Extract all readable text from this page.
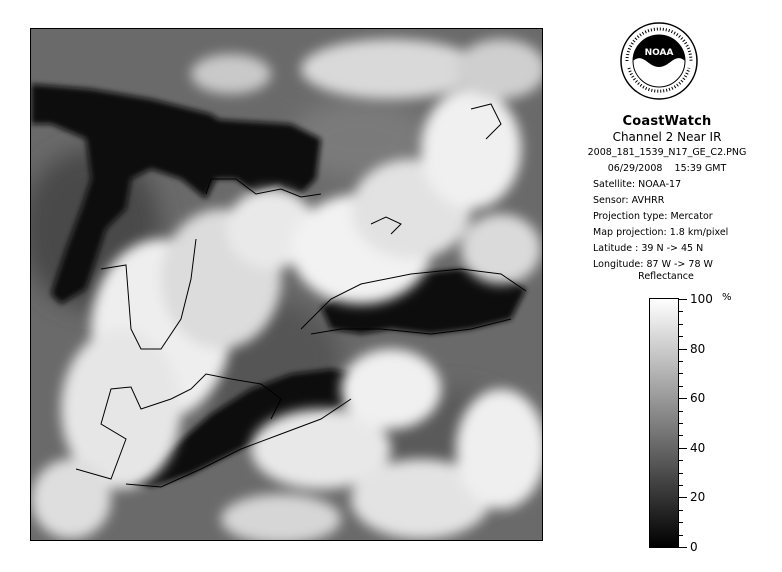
NOAA
CoastWatch
Channel 2 Near IR
2008_181_1539_N17_GE_C2.PNG
06/29/2008 15:39 GMT
Satellite: NOAA-17
Sensor: AVHRR
Projection type: Mercator
Map projection: 1.8 km/pixel
Latitude : 39 N -> 45 N
Longitude: 87 W -> 78 W
Reflectance
%
100
80
60
40
20
0
